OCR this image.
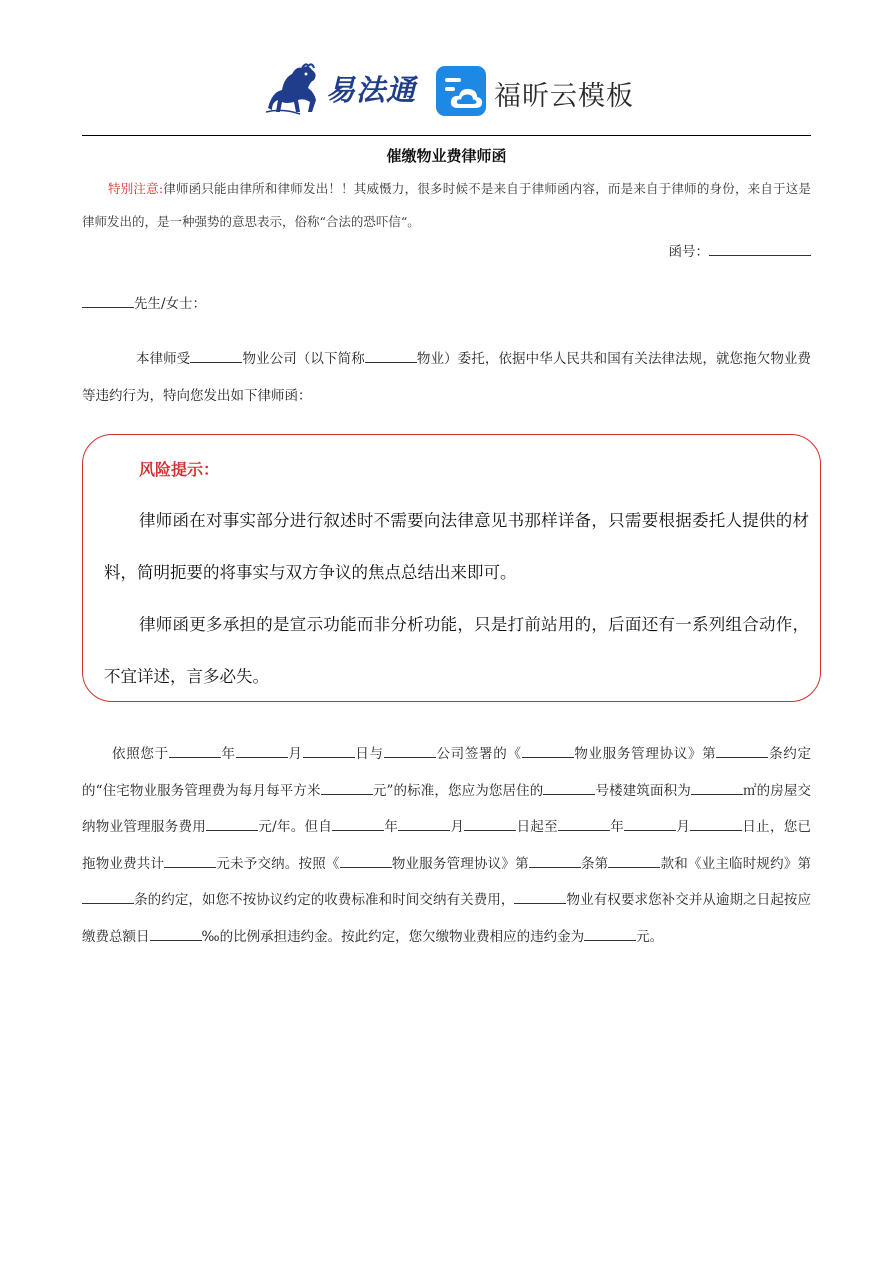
易法通	福昕云模板
催缴物业费律师函
特别注意:律师函只能由律所和律师发出！！其威慑力，很多时候不是来自于律师函内容，而是来自于律师的身份，来自于这是律师发出的，是一种强势的意思表示，俗称“合法的恐吓信“。
函号：
先生/女士：
本律师受	物业公司（以下简称	物业）委托，依据中华人民共和国有关法律法规，就您拖欠物业费等违约行为，特向您发出如下律师函：
风险提示：
律师函在对事实部分进行叙述时不需要向法律意见书那样详备，只需要根据委托人提供的材料，简明扼要的将事实与双方争议的焦点总结出来即可。
律师函更多承担的是宣示功能而非分析功能，只是打前站用的，后面还有一系列组合动作，不宜详述，言多必失。
依照您于	年	月	日与	公司签署的《	物业服务管理协议》第	条约定的“住宅物业服务管理费为每月每平方米	元”的标准，您应为您居住的	号楼建筑面积为	㎡的房屋交纳物业管理服务费用	元/年。但自	年	月	日起至	年	月	日止，您已拖物业费共计	元未予交纳。按照《	物业服务管理协议》第	条第	款和《业主临时规约》第条的约定，如您不按协议约定的收费标准和时间交纳有关费用，	物业有权要求您补交并从逾期之日起按应缴费总额日	‰的比例承担违约金。按此约定，您欠缴物业费相应的违约金为	元。
